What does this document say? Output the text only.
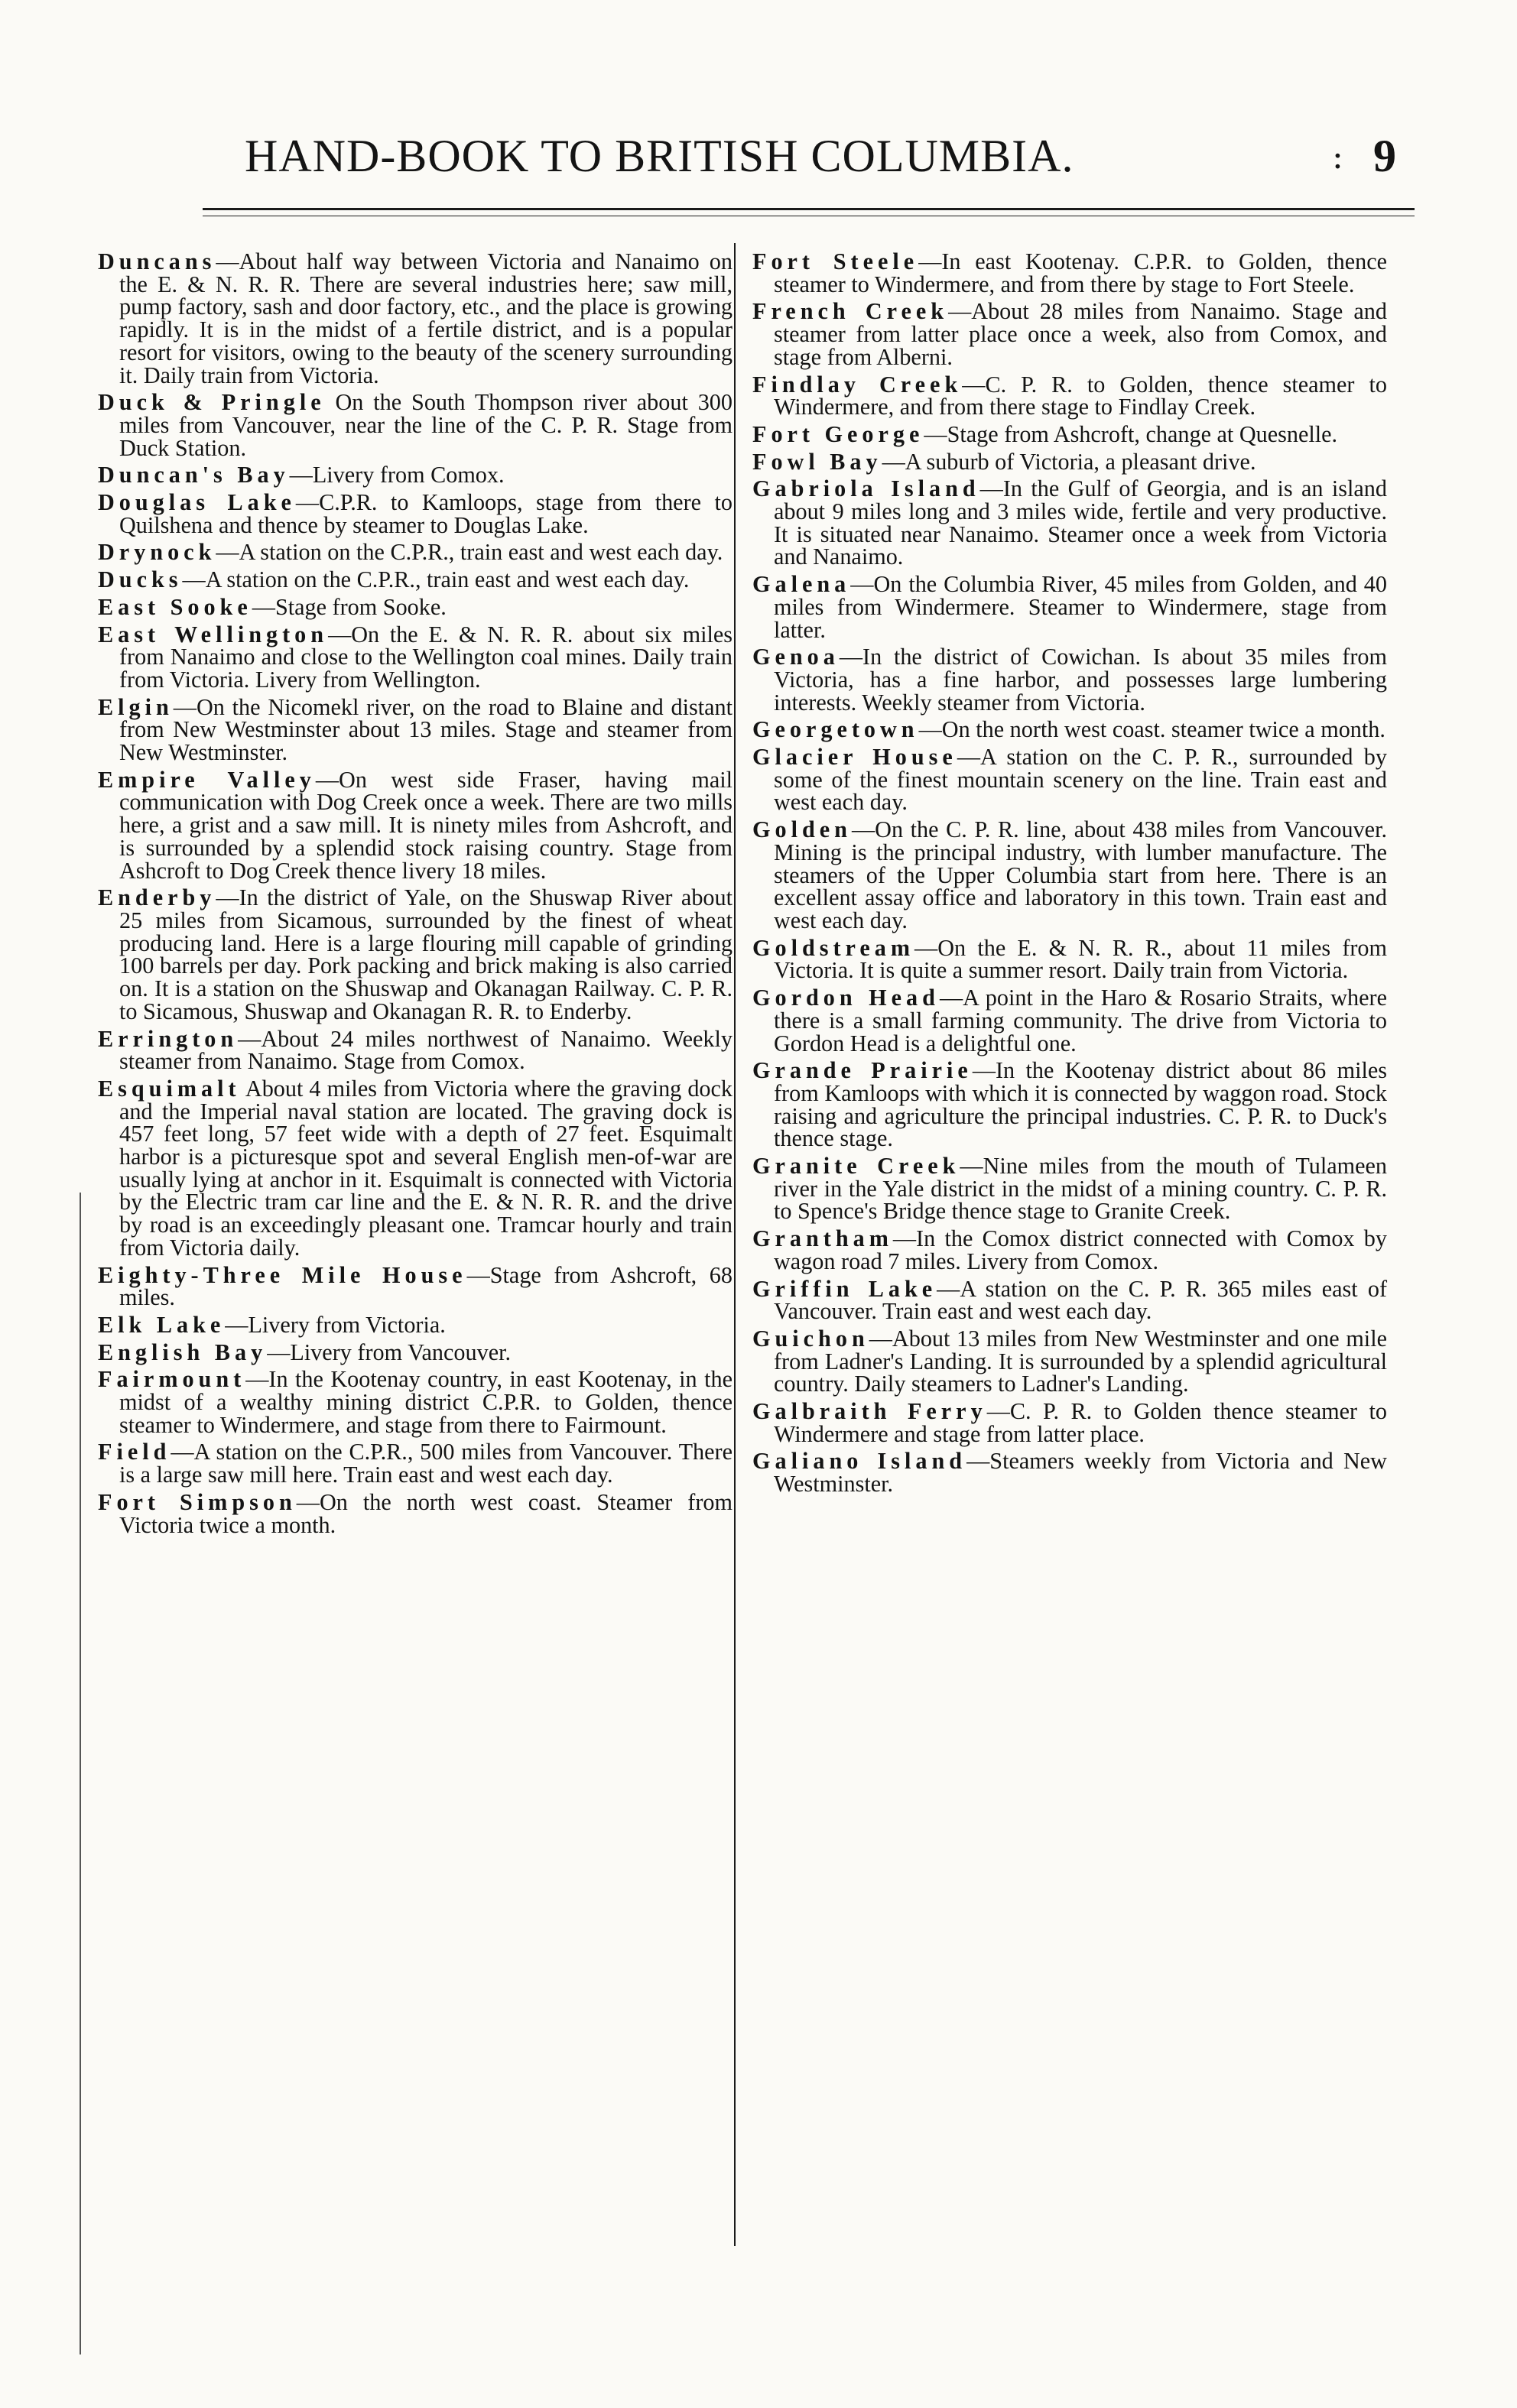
HAND-BOOK TO BRITISH COLUMBIA.	: 9

Duncans—About half way between Victoria and Nanaimo on the E. & N. R. R. There are several industries here; saw mill, pump factory, sash and door factory, etc., and the place is growing rapidly. It is in the midst of a fertile district, and is a popular resort for visitors, owing to the beauty of the scenery surrounding it. Daily train from Victoria.

Duck & Pringle On the South Thompson river about 300 miles from Vancouver, near the line of the C. P. R. Stage from Duck Station.

Duncan's Bay—Livery from Comox.

Douglas Lake—C.P.R. to Kamloops, stage from there to Quilshena and thence by steamer to Douglas Lake.

Drynock—A station on the C.P.R., train east and west each day.

Ducks—A station on the C.P.R., train east and west each day.

East Sooke—Stage from Sooke.

East Wellington—On the E. & N. R. R. about six miles from Nanaimo and close to the Wellington coal mines. Daily train from Victoria. Livery from Wellington.

Elgin—On the Nicomekl river, on the road to Blaine and distant from New Westminster about 13 miles. Stage and steamer from New Westminster.

Empire Valley—On west side Fraser, having mail communication with Dog Creek once a week. There are two mills here, a grist and a saw mill. It is ninety miles from Ashcroft, and is surrounded by a splendid stock raising country. Stage from Ashcroft to Dog Creek thence livery 18 miles.

Enderby—In the district of Yale, on the Shuswap River about 25 miles from Sicamous, surrounded by the finest of wheat producing land. Here is a large flouring mill capable of grinding 100 barrels per day. Pork packing and brick making is also carried on. It is a station on the Shuswap and Okanagan Railway. C. P. R. to Sicamous, Shuswap and Okanagan R. R. to Enderby.

Errington—About 24 miles northwest of Nanaimo. Weekly steamer from Nanaimo. Stage from Comox.

Esquimalt About 4 miles from Victoria where the graving dock and the Imperial naval station are located. The graving dock is 457 feet long, 57 feet wide with a depth of 27 feet. Esquimalt harbor is a picturesque spot and several English men-of-war are usually lying at anchor in it. Esquimalt is connected with Victoria by the Electric tram car line and the E. & N. R. R. and the drive by road is an exceedingly pleasant one. Tramcar hourly and train from Victoria daily.

Eighty-Three Mile House—Stage from Ashcroft, 68 miles.

Elk Lake—Livery from Victoria.

English Bay—Livery from Vancouver.

Fairmount—In the Kootenay country, in east Kootenay, in the midst of a wealthy mining district C.P.R. to Golden, thence steamer to Windermere, and stage from there to Fairmount.

Field—A station on the C.P.R., 500 miles from Vancouver. There is a large saw mill here. Train east and west each day.

Fort Simpson—On the north west coast. Steamer from Victoria twice a month.

Fort Steele—In east Kootenay. C.P.R. to Golden, thence steamer to Windermere, and from there by stage to Fort Steele.

French Creek—About 28 miles from Nanaimo. Stage and steamer from latter place once a week, also from Comox, and stage from Alberni.

Findlay Creek—C. P. R. to Golden, thence steamer to Windermere, and from there stage to Findlay Creek.

Fort George—Stage from Ashcroft, change at Quesnelle.

Fowl Bay—A suburb of Victoria, a pleasant drive.

Gabriola Island—In the Gulf of Georgia, and is an island about 9 miles long and 3 miles wide, fertile and very productive. It is situated near Nanaimo. Steamer once a week from Victoria and Nanaimo.

Galena—On the Columbia River, 45 miles from Golden, and 40 miles from Windermere. Steamer to Windermere, stage from latter.

Genoa—In the district of Cowichan. Is about 35 miles from Victoria, has a fine harbor, and possesses large lumbering interests. Weekly steamer from Victoria.

Georgetown—On the north west coast. steamer twice a month.

Glacier House—A station on the C. P. R., surrounded by some of the finest mountain scenery on the line. Train east and west each day.

Golden—On the C. P. R. line, about 438 miles from Vancouver. Mining is the principal industry, with lumber manufacture. The steamers of the Upper Columbia start from here. There is an excellent assay office and laboratory in this town. Train east and west each day.

Goldstream—On the E. & N. R. R., about 11 miles from Victoria. It is quite a summer resort. Daily train from Victoria.

Gordon Head—A point in the Haro & Rosario Straits, where there is a small farming community. The drive from Victoria to Gordon Head is a delightful one.

Grande Prairie—In the Kootenay district about 86 miles from Kamloops with which it is connected by waggon road. Stock raising and agriculture the principal industries. C. P. R. to Duck's thence stage.

Granite Creek—Nine miles from the mouth of Tulameen river in the Yale district in the midst of a mining country. C. P. R. to Spence's Bridge thence stage to Granite Creek.

Grantham—In the Comox district connected with Comox by wagon road 7 miles. Livery from Comox.

Griffin Lake—A station on the C. P. R. 365 miles east of Vancouver. Train east and west each day.

Guichon—About 13 miles from New Westminster and one mile from Ladner's Landing. It is surrounded by a splendid agricultural country. Daily steamers to Ladner's Landing.

Galbraith Ferry—C. P. R. to Golden thence steamer to Windermere and stage from latter place.

Galiano Island—Steamers weekly from Victoria and New Westminster.
